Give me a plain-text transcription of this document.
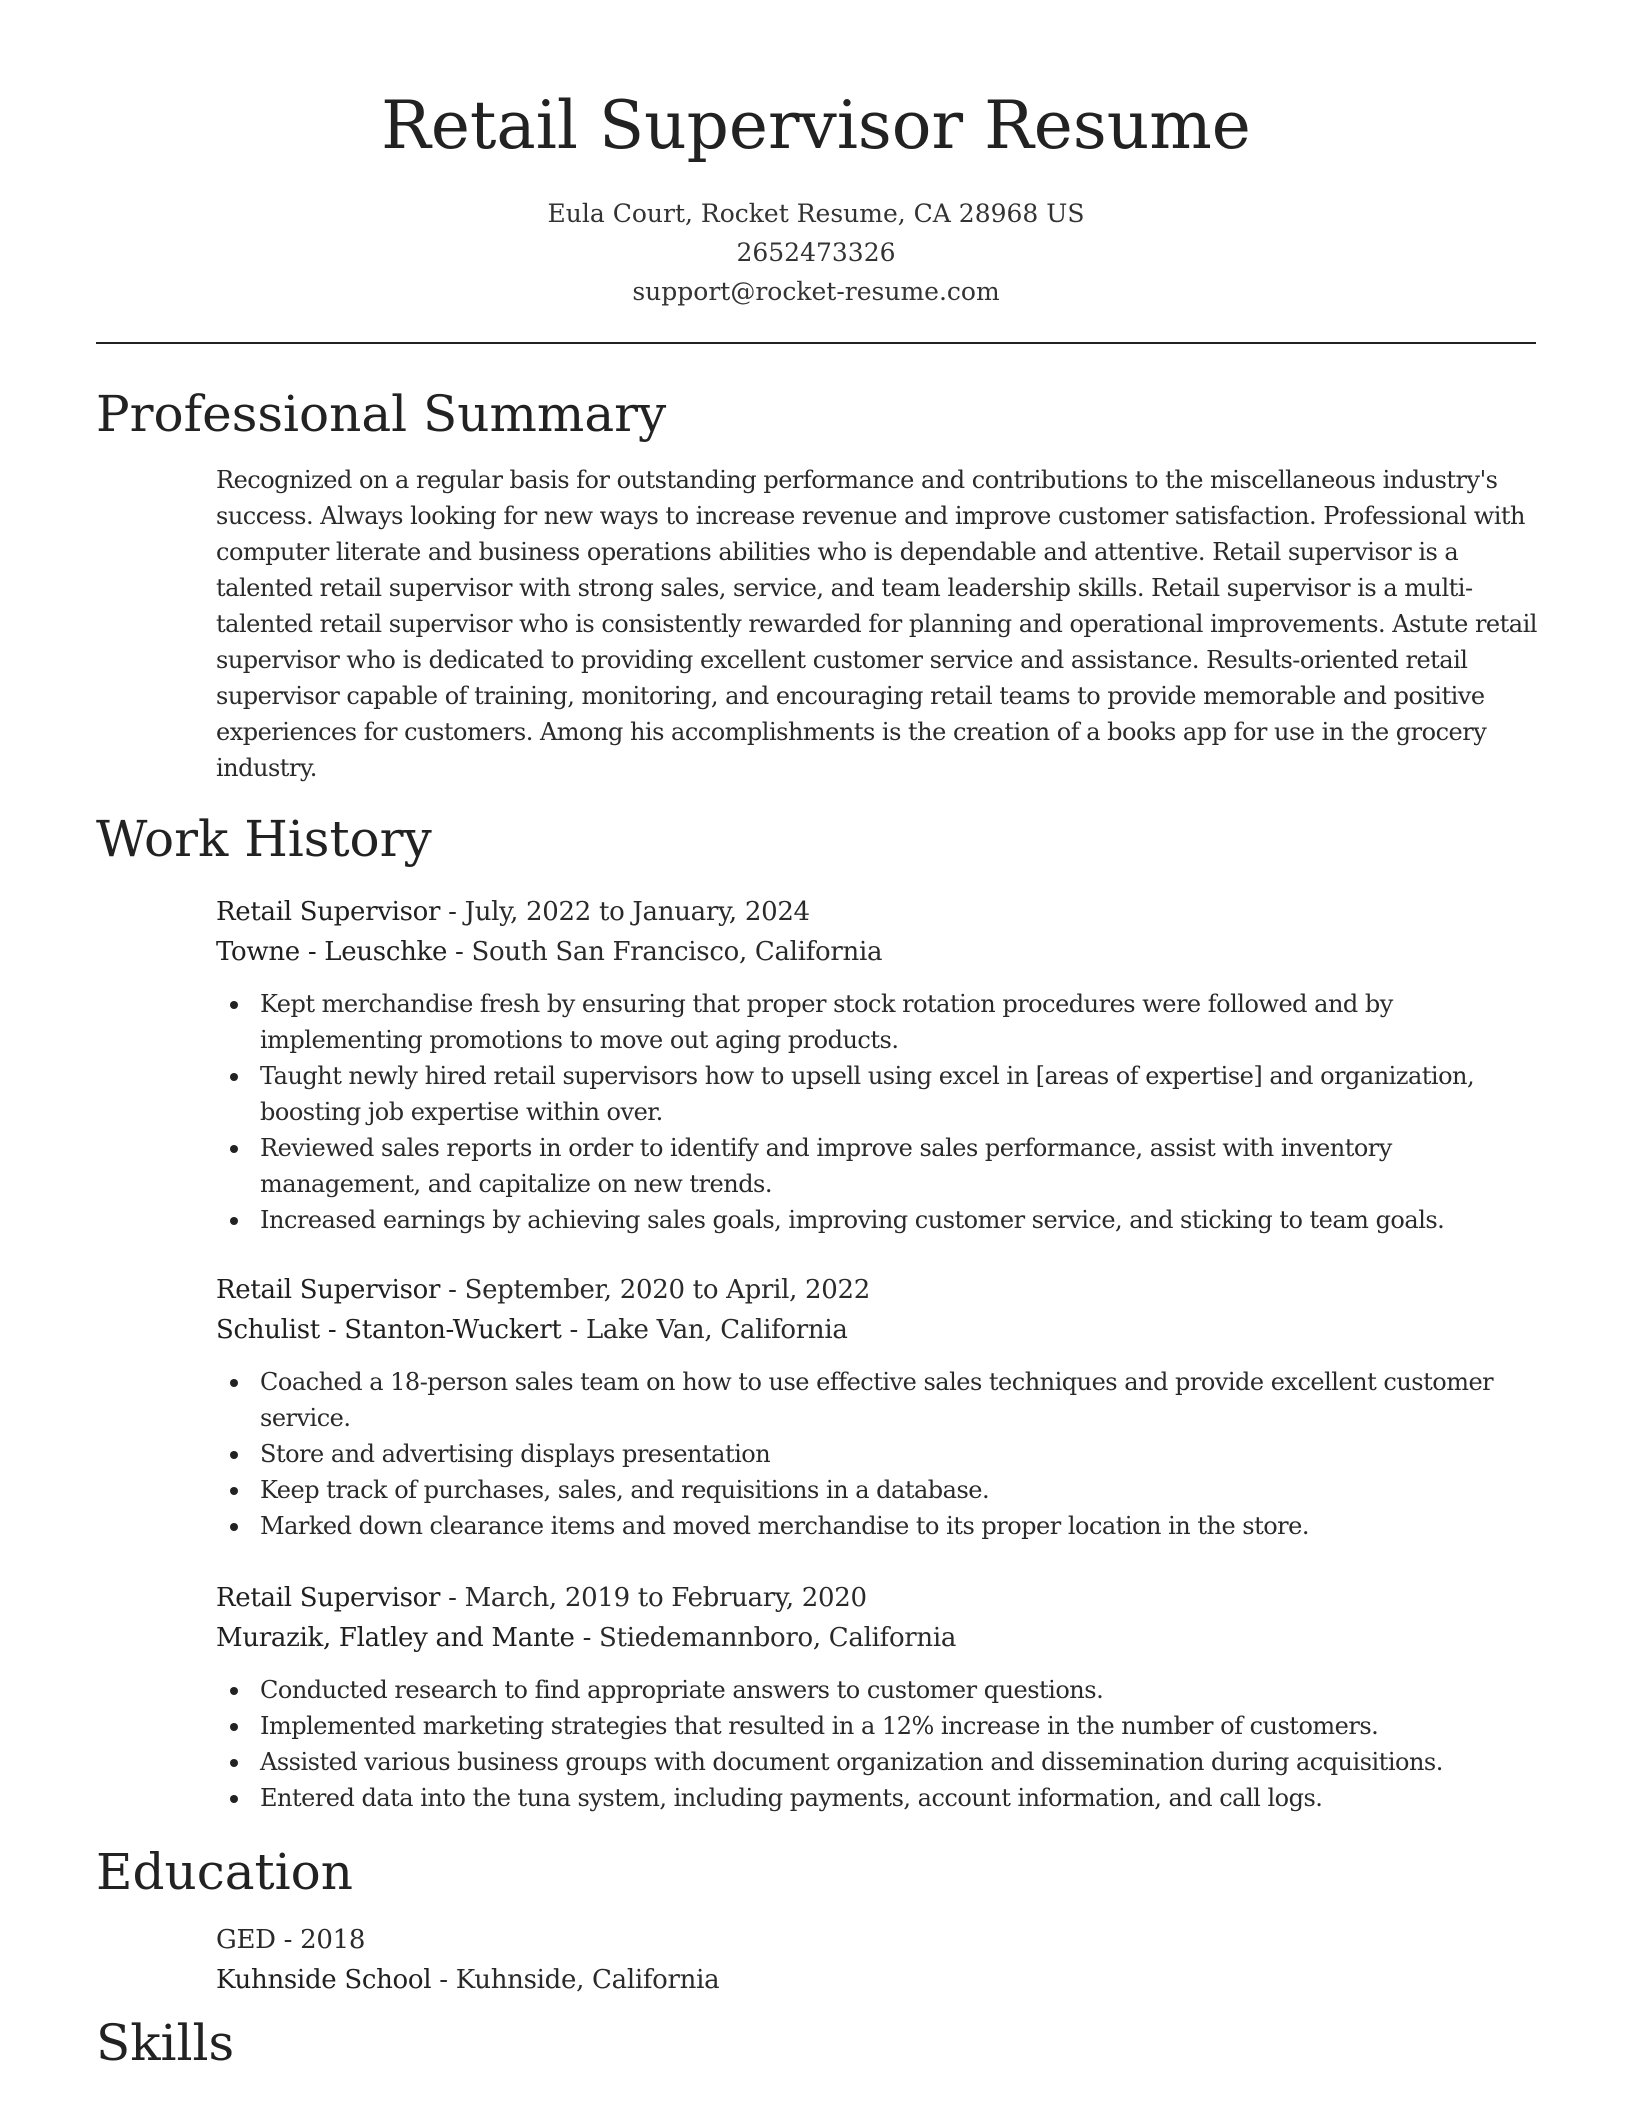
Retail Supervisor Resume
Eula Court, Rocket Resume, CA 28968 US
2652473326
support@rocket-resume.com
Professional Summary

Recognized on a regular basis for outstanding performance and contributions to the miscellaneous industry's success. Always looking for new ways to increase revenue and improve customer satisfaction. Professional with computer literate and business operations abilities who is dependable and attentive. Retail supervisor is a talented retail supervisor with strong sales, service, and team leadership skills. Retail supervisor is a multi-talented retail supervisor who is consistently rewarded for planning and operational improvements. Astute retail supervisor who is dedicated to providing excellent customer service and assistance. Results-oriented retail supervisor capable of training, monitoring, and encouraging retail teams to provide memorable and positive experiences for customers. Among his accomplishments is the creation of a books app for use in the grocery industry.

Work History
Retail Supervisor - July, 2022 to January, 2024
Towne - Leuschke - South San Francisco, California
Kept merchandise fresh by ensuring that proper stock rotation procedures were followed and by implementing promotions to move out aging products.
Taught newly hired retail supervisors how to upsell using excel in [areas of expertise] and organization, boosting job expertise within over.
Reviewed sales reports in order to identify and improve sales performance, assist with inventory management, and capitalize on new trends.
Increased earnings by achieving sales goals, improving customer service, and sticking to team goals.
Retail Supervisor - September, 2020 to April, 2022
Schulist - Stanton-Wuckert - Lake Van, California
Coached a 18-person sales team on how to use effective sales techniques and provide excellent customer service.
Store and advertising displays presentation
Keep track of purchases, sales, and requisitions in a database.
Marked down clearance items and moved merchandise to its proper location in the store.
Retail Supervisor - March, 2019 to February, 2020
Murazik, Flatley and Mante - Stiedemannboro, California
Conducted research to find appropriate answers to customer questions.
Implemented marketing strategies that resulted in a 12% increase in the number of customers.
Assisted various business groups with document organization and dissemination during acquisitions.
Entered data into the tuna system, including payments, account information, and call logs.
Education
GED - 2018
Kuhnside School - Kuhnside, California
Skills
